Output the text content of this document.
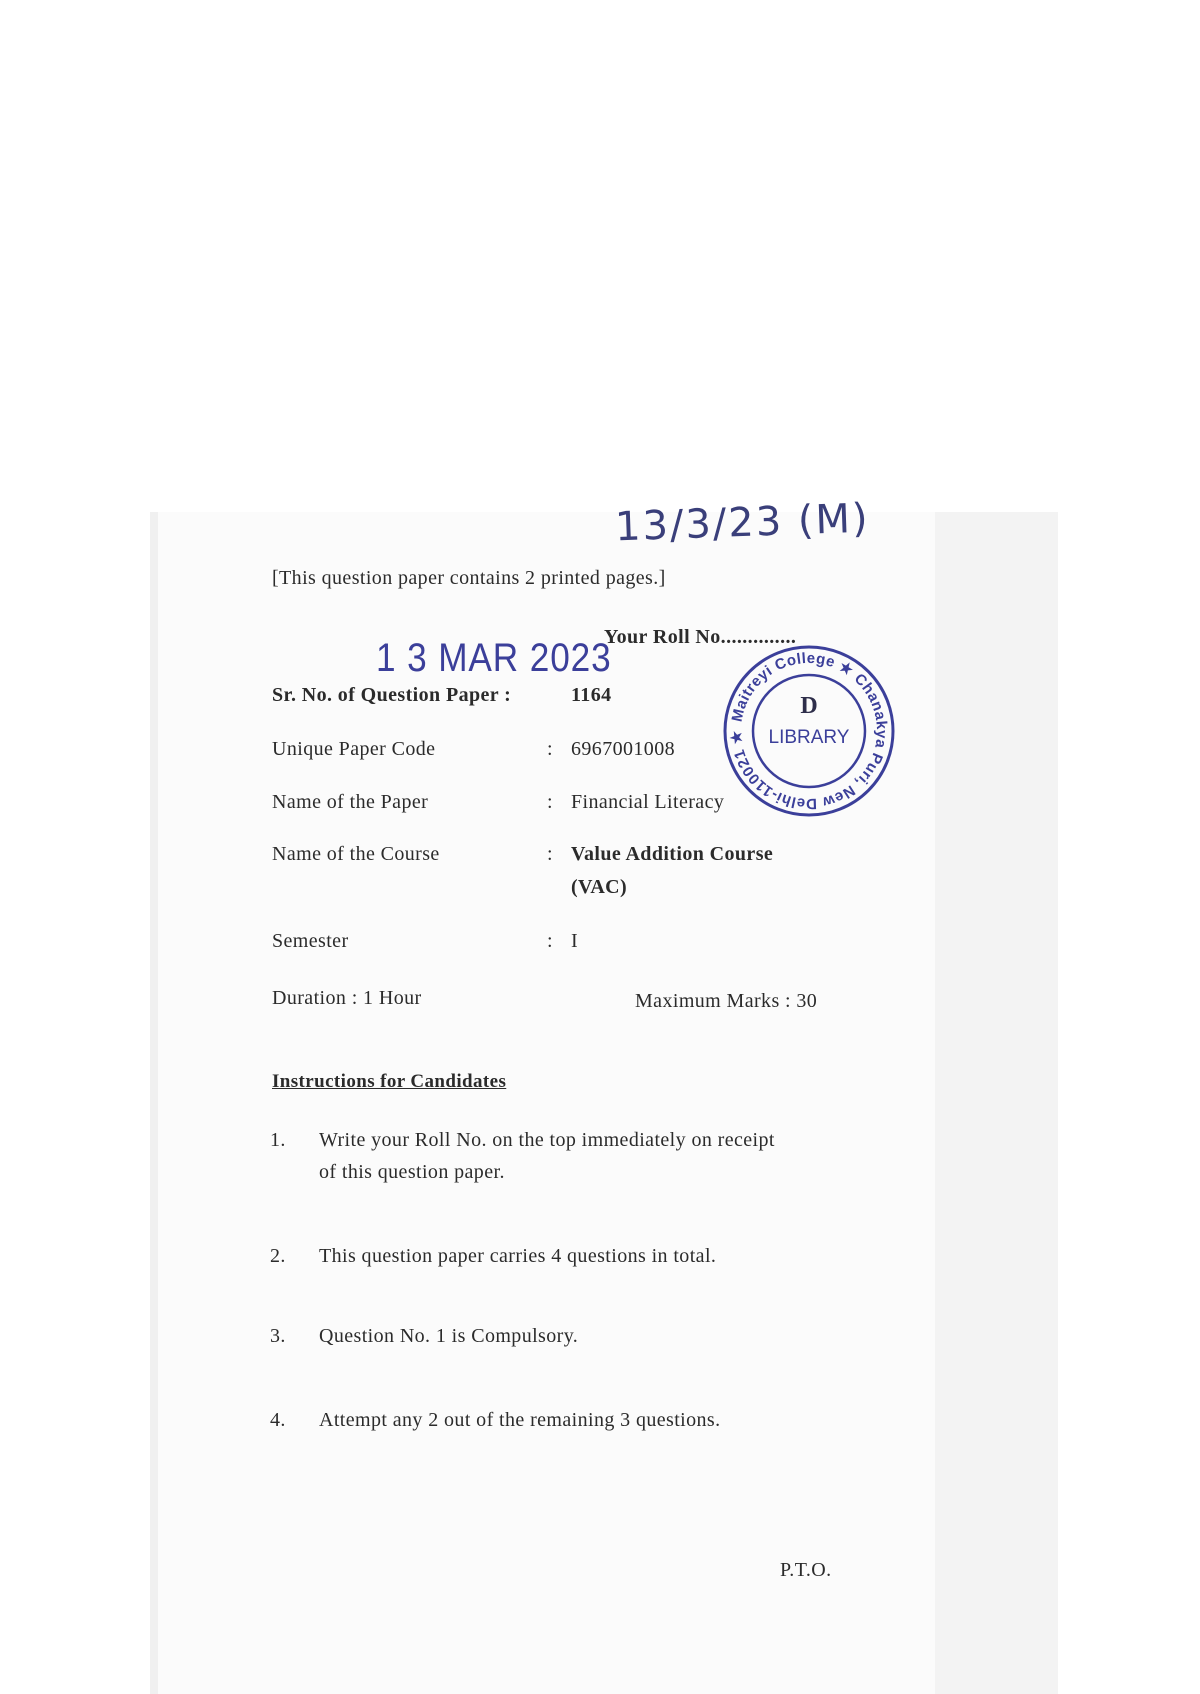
13/3/23 (M)
[This question paper contains 2 printed pages.]
Your Roll No..............
1 3 MAR 2023
Sr. No. of Question Paper :	1164
Maitreyi College ★ Chanakya Puri, New Delhi-110021 ★
D
LIBRARY
Unique Paper Code	: 6967001008
Name of the Paper	: Financial Literacy
Name of the Course	: Value Addition Course
(VAC)
Semester	: I
Duration : 1 Hour	Maximum Marks : 30
Instructions for Candidates
1. Write your Roll No. on the top immediately on receipt
of this question paper.
2. This question paper carries 4 questions in total.
3. Question No. 1 is Compulsory.
4. Attempt any 2 out of the remaining 3 questions.
P.T.O.
